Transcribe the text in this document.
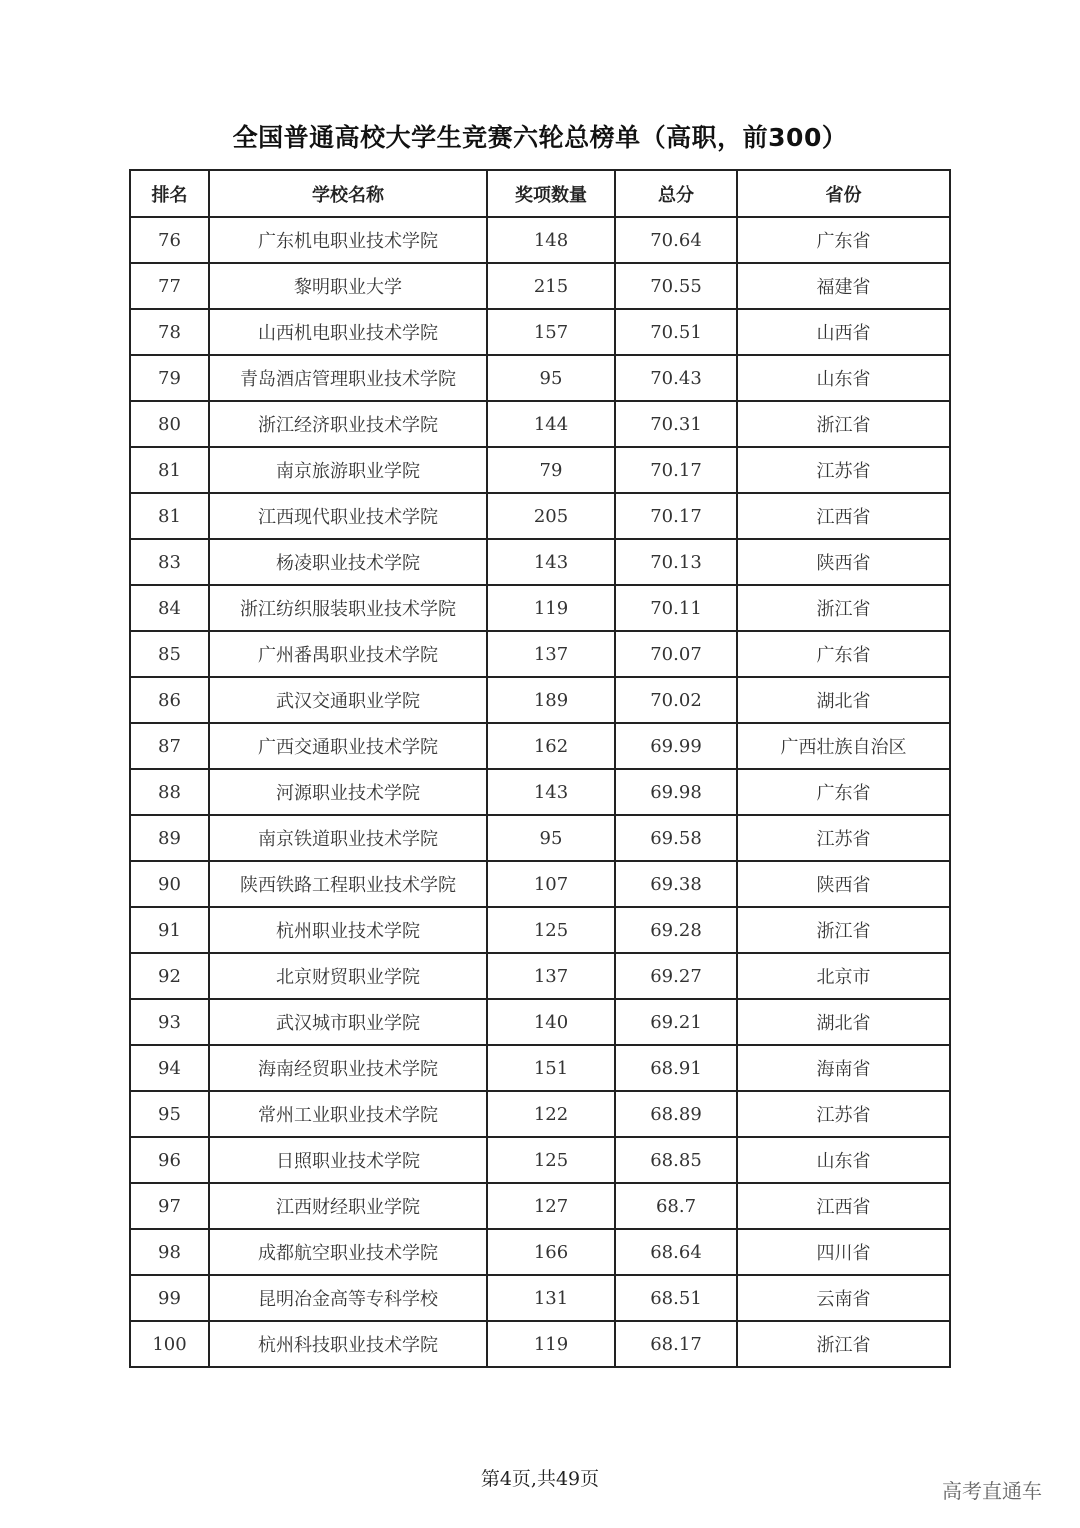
全国普通高校大学生竞赛六轮总榜单（高职，前300）
排名	学校名称	奖项数量	总分	省份
76	广东机电职业技术学院	148	70.64	广东省
77	黎明职业大学	215	70.55	福建省
78	山西机电职业技术学院	157	70.51	山西省
79	青岛酒店管理职业技术学院	95	70.43	山东省
80	浙江经济职业技术学院	144	70.31	浙江省
81	南京旅游职业学院	79	70.17	江苏省
81	江西现代职业技术学院	205	70.17	江西省
83	杨凌职业技术学院	143	70.13	陕西省
84	浙江纺织服装职业技术学院	119	70.11	浙江省
85	广州番禺职业技术学院	137	70.07	广东省
86	武汉交通职业学院	189	70.02	湖北省
87	广西交通职业技术学院	162	69.99	广西壮族自治区
88	河源职业技术学院	143	69.98	广东省
89	南京铁道职业技术学院	95	69.58	江苏省
90	陕西铁路工程职业技术学院	107	69.38	陕西省
91	杭州职业技术学院	125	69.28	浙江省
92	北京财贸职业学院	137	69.27	北京市
93	武汉城市职业学院	140	69.21	湖北省
94	海南经贸职业技术学院	151	68.91	海南省
95	常州工业职业技术学院	122	68.89	江苏省
96	日照职业技术学院	125	68.85	山东省
97	江西财经职业学院	127	68.7	江西省
98	成都航空职业技术学院	166	68.64	四川省
99	昆明冶金高等专科学校	131	68.51	云南省
100	杭州科技职业技术学院	119	68.17	浙江省
第4页,共49页	高考直通车
